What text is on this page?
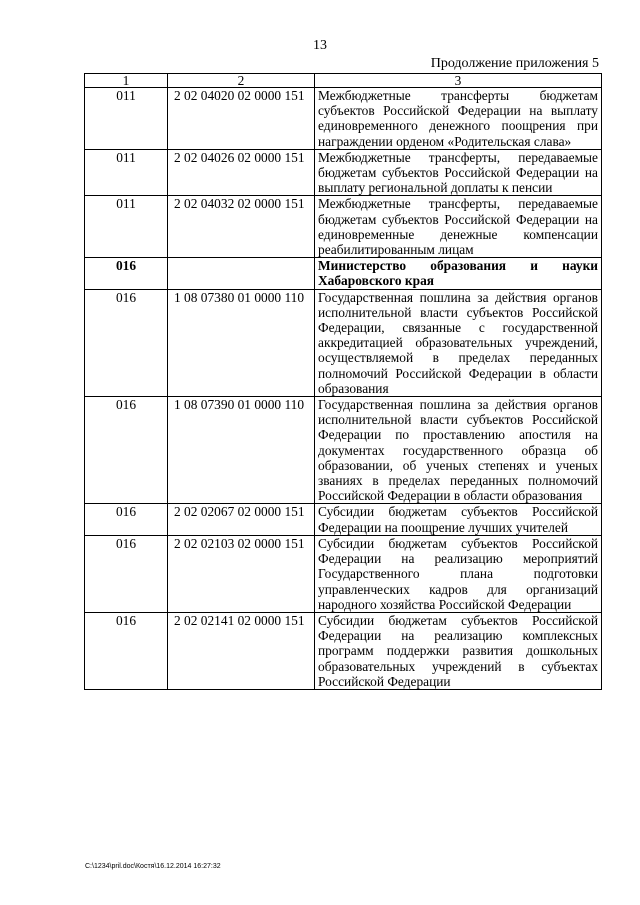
13
Продолжение приложения 5
1	2	3
011	2 02 04020 02 0000 151	Межбюджетные трансферты бюджетам субъектов Российской Федерации на выплату единовременного денежного поощрения при награждении орденом «Родительская слава»
011	2 02 04026 02 0000 151	Межбюджетные трансферты, передаваемые бюджетам субъектов Российской Федерации на выплату региональной доплаты к пенсии
011	2 02 04032 02 0000 151	Межбюджетные трансферты, передаваемые бюджетам субъектов Российской Федерации на единовременные денежные компенсации реабилитированным лицам
016		Министерство образования и науки Хабаровского края
016	1 08 07380 01 0000 110	Государственная пошлина за действия органов исполнительной власти субъектов Российской Федерации, связанные с государственной аккредитацией образовательных учреждений, осуществляемой в пределах переданных полномочий Российской Федерации в области образования
016	1 08 07390 01 0000 110	Государственная пошлина за действия органов исполнительной власти субъектов Российской Федерации по проставлению апостиля на документах государственного образца об образовании, об ученых степенях и ученых званиях в пределах переданных полномочий Российской Федерации в области образования
016	2 02 02067 02 0000 151	Субсидии бюджетам субъектов Российской Федерации на поощрение лучших учителей
016	2 02 02103 02 0000 151	Субсидии бюджетам субъектов Российской Федерации на реализацию мероприятий Государственного плана подготовки управленческих кадров для организаций народного хозяйства Российской Федерации
016	2 02 02141 02 0000 151	Субсидии бюджетам субъектов Российской Федерации на реализацию комплексных программ поддержки развития дошкольных образовательных учреждений в субъектах Российской Федерации
C:\1234\pril.doc\Костя\16.12.2014 16:27:32
